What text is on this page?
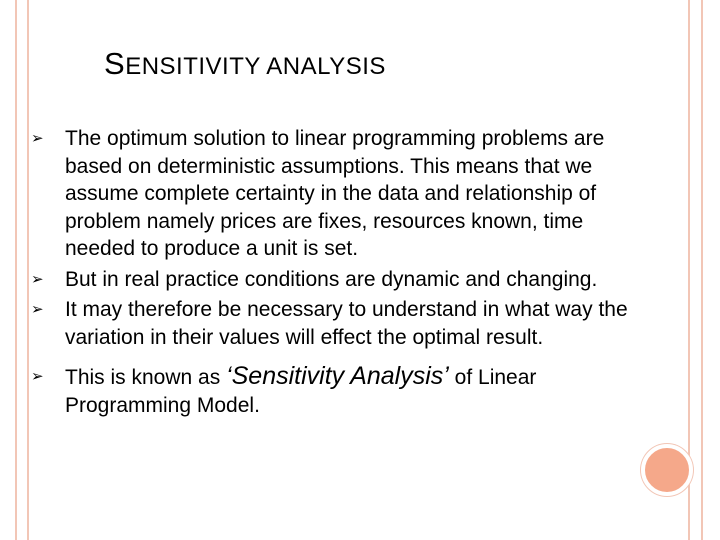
SENSITIVITY ANALYSIS
➢ The optimum solution to linear programming problems are based on deterministic assumptions. This means that we assume complete certainty in the data and relationship of problem namely prices are fixes, resources known, time needed to produce a unit is set.
➢ But in real practice conditions are dynamic and changing.
➢ It may therefore be necessary to understand in what way the variation in their values will effect the optimal result.
➢ This is known as ‘Sensitivity Analysis’ of Linear Programming Model.
